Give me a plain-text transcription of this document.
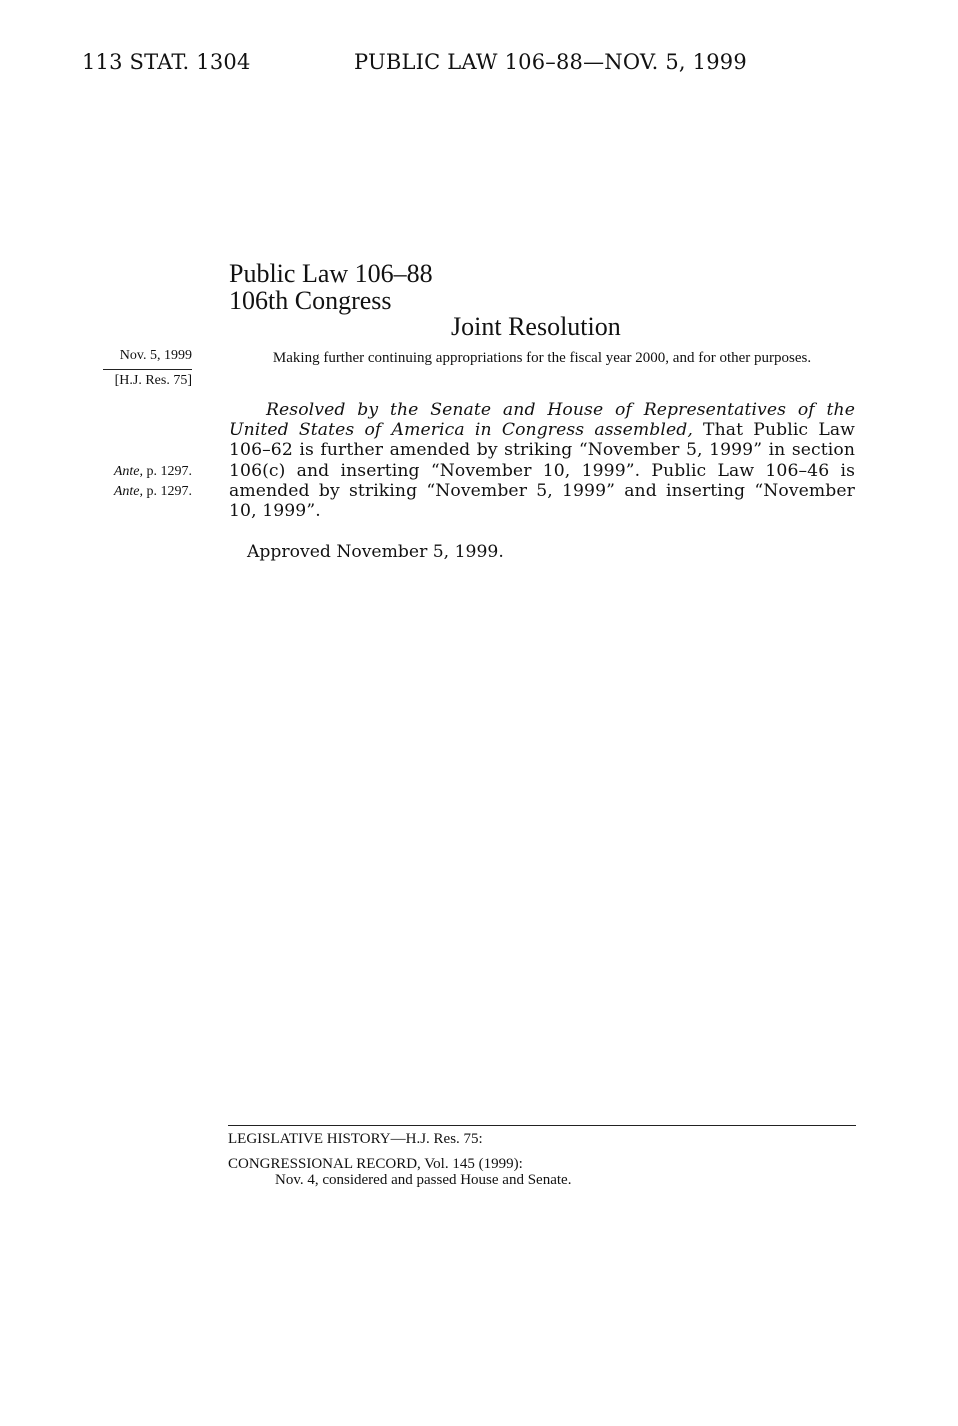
113 STAT. 1304	PUBLIC LAW 106–88—NOV. 5, 1999
Public Law 106–88
106th Congress
Joint Resolution
Nov. 5, 1999
[H.J. Res. 75]
Ante, p. 1297.
Ante, p. 1297.
Making further continuing appropriations for the fiscal year 2000, and for other purposes.
Resolved by the Senate and House of Representatives of the United States of America in Congress assembled, That Public Law 106–62 is further amended by striking “November 5, 1999” in section 106(c) and inserting “November 10, 1999”. Public Law 106–46 is amended by striking “November 5, 1999” and inserting “November 10, 1999”.
Approved November 5, 1999.
LEGISLATIVE HISTORY—H.J. Res. 75:
CONGRESSIONAL RECORD, Vol. 145 (1999):
Nov. 4, considered and passed House and Senate.
